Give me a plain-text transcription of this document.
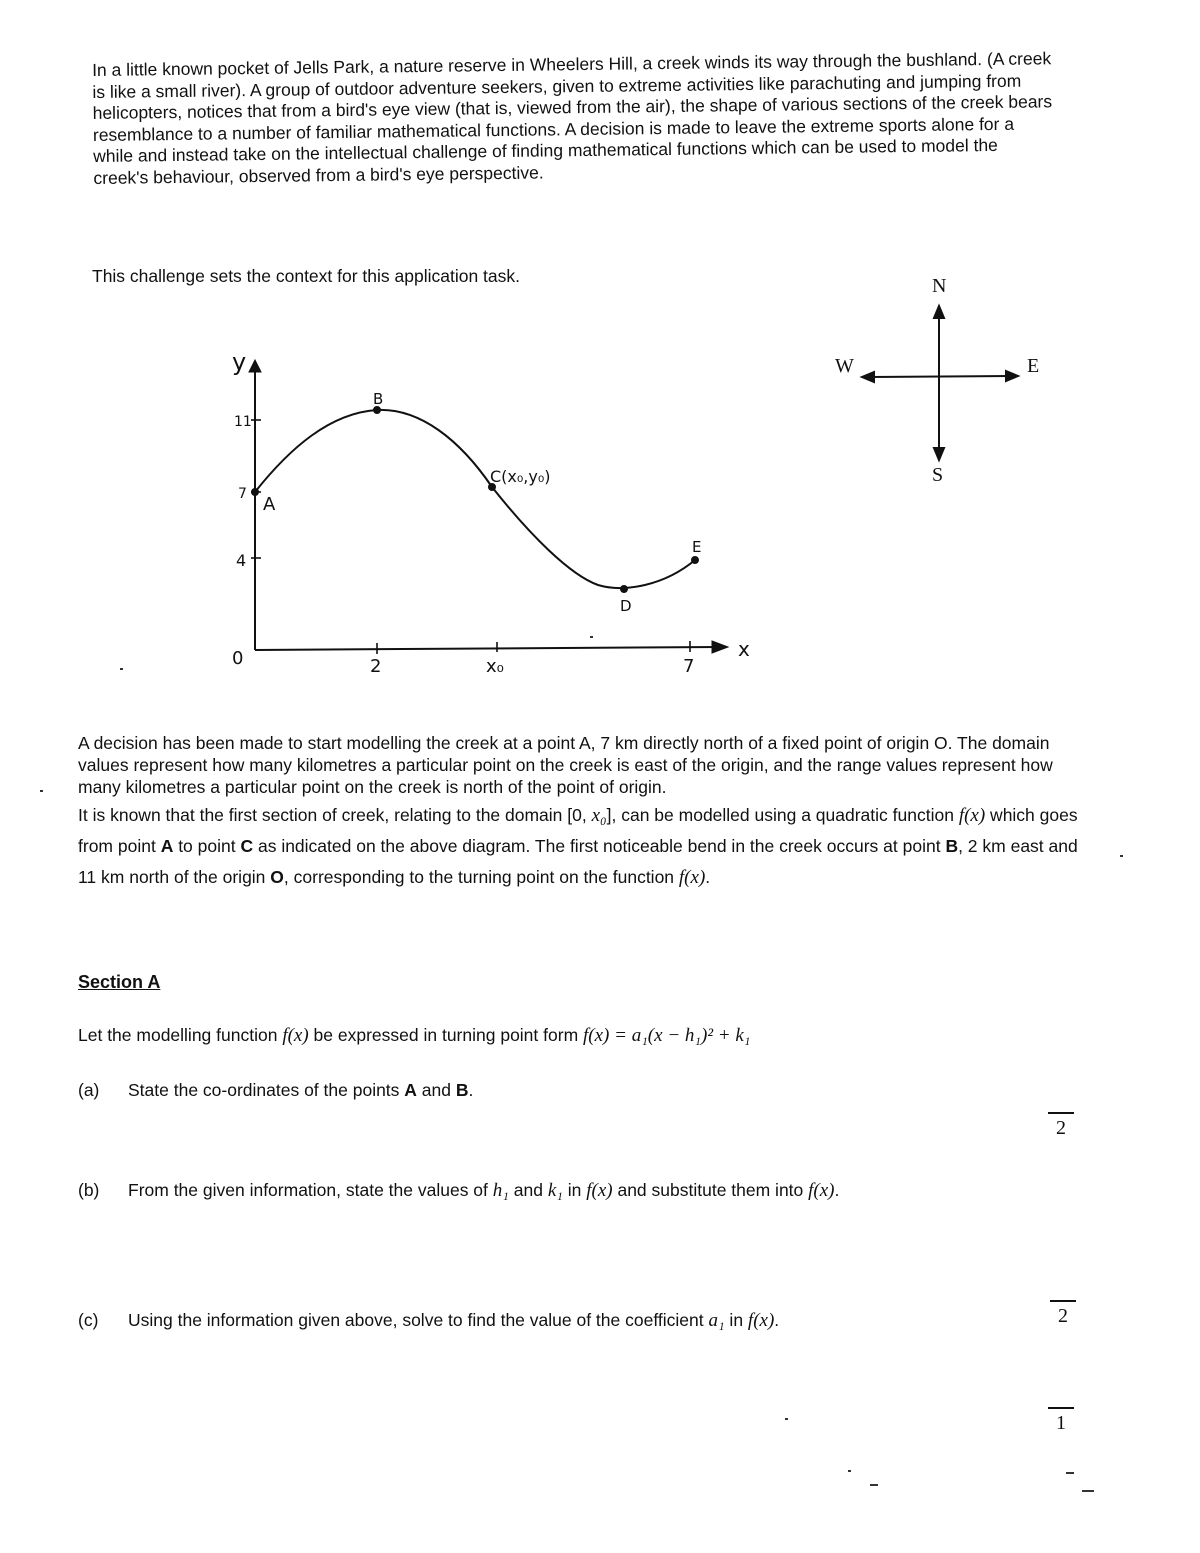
In a little known pocket of Jells Park, a nature reserve in Wheelers Hill, a creek winds its way through the bushland. (A creek is like a small river). A group of outdoor adventure seekers, given to extreme activities like parachuting and jumping from helicopters, notices that from a bird's eye view (that is, viewed from the air), the shape of various sections of the creek bears resemblance to a number of familiar mathematical functions. A decision is made to leave the extreme sports alone for a while and instead take on the intellectual challenge of finding mathematical functions which can be used to model the creek's behaviour, observed from a bird's eye perspective.
This challenge sets the context for this application task.
y
x
0
11
7
4
2	x₀	7
A
B
C(x₀,y₀)
D
E
N
S
E
W

A decision has been made to start modelling the creek at a point A, 7 km directly north of a fixed point of origin O. The domain values represent how many kilometres a particular point on the creek is east of the origin, and the range values represent how many kilometres a particular point on the creek is north of the point of origin.

It is known that the first section of creek, relating to the domain [0, x₀], can be modelled using a quadratic function f(x) which goes from point A to point C as indicated on the above diagram. The first noticeable bend in the creek occurs at point B, 2 km east and 11 km north of the origin O, corresponding to the turning point on the function f(x).

Section A
Let the modelling function f(x) be expressed in turning point form f(x) = a₁(x − h₁)² + k₁
(a) State the co-ordinates of the points A and B.
(b) From the given information, state the values of h₁ and k₁ in f(x) and substitute them into f(x).
(c) Using the information given above, solve to find the value of the coefficient a₁ in f(x).
2
2
1
